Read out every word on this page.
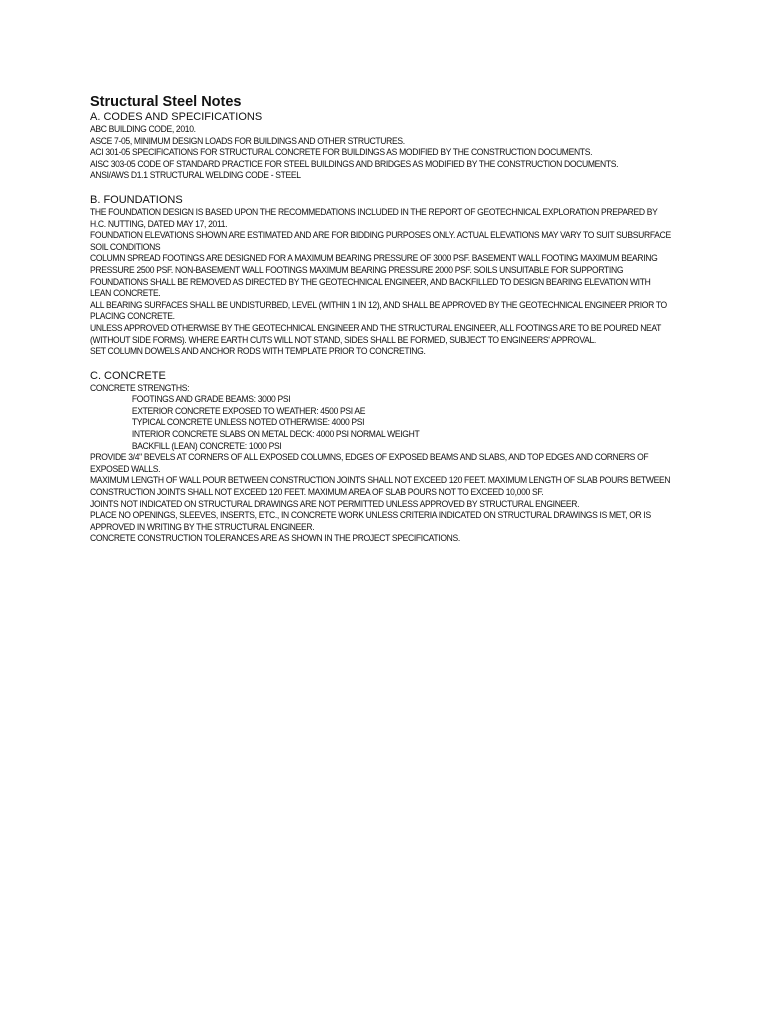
Structural Steel Notes
A. CODES AND SPECIFICATIONS
ABC BUILDING CODE, 2010.
ASCE 7-05, MINIMUM DESIGN LOADS FOR BUILDINGS AND OTHER STRUCTURES.
ACI 301-05 SPECIFICATIONS FOR STRUCTURAL CONCRETE FOR BUILDINGS AS MODIFIED BY THE CONSTRUCTION DOCUMENTS.
AISC 303-05 CODE OF STANDARD PRACTICE FOR STEEL BUILDINGS AND BRIDGES AS MODIFIED BY THE CONSTRUCTION DOCUMENTS.
ANSI/AWS D1.1 STRUCTURAL WELDING CODE - STEEL
B. FOUNDATIONS
THE FOUNDATION DESIGN IS BASED UPON THE RECOMMEDATIONS INCLUDED IN THE REPORT OF GEOTECHNICAL EXPLORATION PREPARED BY H.C. NUTTING, DATED MAY 17, 2011.
FOUNDATION ELEVATIONS SHOWN ARE ESTIMATED AND ARE FOR BIDDING PURPOSES ONLY. ACTUAL ELEVATIONS MAY VARY TO SUIT SUBSURFACE SOIL CONDITIONS
COLUMN SPREAD FOOTINGS ARE DESIGNED FOR A MAXIMUM BEARING PRESSURE OF 3000 PSF. BASEMENT WALL FOOTING MAXIMUM BEARING PRESSURE 2500 PSF. NON-BASEMENT WALL FOOTINGS MAXIMUM BEARING PRESSURE 2000 PSF. SOILS UNSUITABLE FOR SUPPORTING FOUNDATIONS SHALL BE REMOVED AS DIRECTED BY THE GEOTECHNICAL ENGINEER, AND BACKFILLED TO DESIGN BEARING ELEVATION WITH LEAN CONCRETE.
ALL BEARING SURFACES SHALL BE UNDISTURBED, LEVEL (WITHIN 1 IN 12), AND SHALL BE APPROVED BY THE GEOTECHNICAL ENGINEER PRIOR TO PLACING CONCRETE.
UNLESS APPROVED OTHERWISE BY THE GEOTECHNICAL ENGINEER AND THE STRUCTURAL ENGINEER, ALL FOOTINGS ARE TO BE POURED NEAT (WITHOUT SIDE FORMS). WHERE EARTH CUTS WILL NOT STAND, SIDES SHALL BE FORMED, SUBJECT TO ENGINEERS' APPROVAL.
SET COLUMN DOWELS AND ANCHOR RODS WITH TEMPLATE PRIOR TO CONCRETING.
C. CONCRETE
CONCRETE STRENGTHS:
FOOTINGS AND GRADE BEAMS: 3000 PSI
EXTERIOR CONCRETE EXPOSED TO WEATHER: 4500 PSI AE
TYPICAL CONCRETE UNLESS NOTED OTHERWISE: 4000 PSI
INTERIOR CONCRETE SLABS ON METAL DECK: 4000 PSI NORMAL WEIGHT
BACKFILL (LEAN) CONCRETE: 1000 PSI
PROVIDE 3/4" BEVELS AT CORNERS OF ALL EXPOSED COLUMNS, EDGES OF EXPOSED BEAMS AND SLABS, AND TOP EDGES AND CORNERS OF EXPOSED WALLS.
MAXIMUM LENGTH OF WALL POUR BETWEEN CONSTRUCTION JOINTS SHALL NOT EXCEED 120 FEET. MAXIMUM LENGTH OF SLAB POURS BETWEEN CONSTRUCTION JOINTS SHALL NOT EXCEED 120 FEET. MAXIMUM AREA OF SLAB POURS NOT TO EXCEED 10,000 SF.
JOINTS NOT INDICATED ON STRUCTURAL DRAWINGS ARE NOT PERMITTED UNLESS APPROVED BY STRUCTURAL ENGINEER.
PLACE NO OPENINGS, SLEEVES, INSERTS, ETC., IN CONCRETE WORK UNLESS CRITERIA INDICATED ON STRUCTURAL DRAWINGS IS MET, OR IS APPROVED IN WRITING BY THE STRUCTURAL ENGINEER.
CONCRETE CONSTRUCTION TOLERANCES ARE AS SHOWN IN THE PROJECT SPECIFICATIONS.
